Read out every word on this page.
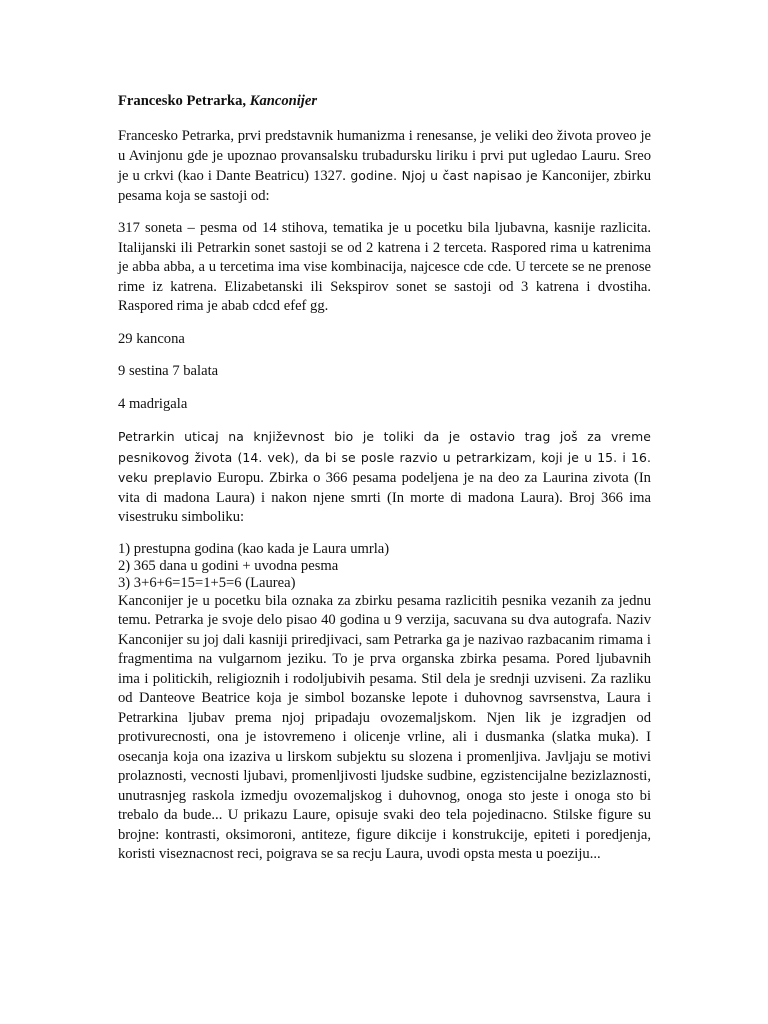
Francesko Petrarka, Kanconijer

Francesko Petrarka, prvi predstavnik humanizma i renesanse, je veliki deo života proveo je u Avinjonu gde je upoznao provansalsku trubadursku liriku i prvi put ugledao Lauru. Sreo je u crkvi (kao i Dante Beatricu) 1327. godine. Njoj u čast napisao je Kanconijer, zbirku pesama koja se sastoji od:

317 soneta – pesma od 14 stihova, tematika je u pocetku bila ljubavna, kasnije razlicita. Italijanski ili Petrarkin sonet sastoji se od 2 katrena i 2 terceta. Raspored rima u katrenima je abba abba, a u tercetima ima vise kombinacija, najcesce cde cde. U tercete se ne prenose rime iz katrena. Elizabetanski ili Sekspirov sonet se sastoji od 3 katrena i dvostiha. Raspored rima je abab cdcd efef gg.

29 kancona

9 sestina 7 balata

4 madrigala

Petrarkin uticaj na književnost bio je toliki da je ostavio trag još za vreme pesnikovog života (14. vek), da bi se posle razvio u petrarkizam, koji je u 15. i 16. veku preplavio Europu. Zbirka o 366 pesama podeljena je na deo za Laurina zivota (In vita di madona Laura) i nakon njene smrti (In morte di madona Laura). Broj 366 ima visestruku simboliku:

1) prestupna godina (kao kada je Laura umrla)
2) 365 dana u godini + uvodna pesma
3) 3+6+6=15=1+5=6 (Laurea)

Kanconijer je u pocetku bila oznaka za zbirku pesama razlicitih pesnika vezanih za jednu temu. Petrarka je svoje delo pisao 40 godina u 9 verzija, sacuvana su dva autografa. Naziv Kanconijer su joj dali kasniji priredjivaci, sam Petrarka ga je nazivao razbacanim rimama i fragmentima na vulgarnom jeziku. To je prva organska zbirka pesama. Pored ljubavnih ima i politickih, religioznih i rodoljubivih pesama. Stil dela je srednji uzviseni. Za razliku od Danteove Beatrice koja je simbol bozanske lepote i duhovnog savrsenstva, Laura i Petrarkina ljubav prema njoj pripadaju ovozemaljskom. Njen lik je izgradjen od protivurecnosti, ona je istovremeno i olicenje vrline, ali i dusmanka (slatka muka). I osecanja koja ona izaziva u lirskom subjektu su slozena i promenljiva. Javljaju se motivi prolaznosti, vecnosti ljubavi, promenljivosti ljudske sudbine, egzistencijalne bezizlaznosti, unutrasnjeg raskola izmedju ovozemaljskog i duhovnog, onoga sto jeste i onoga sto bi trebalo da bude... U prikazu Laure, opisuje svaki deo tela pojedinacno. Stilske figure su brojne: kontrasti, oksimoroni, antiteze, figure dikcije i konstrukcije, epiteti i poredjenja, koristi viseznacnost reci, poigrava se sa recju Laura, uvodi opsta mesta u poeziju...
